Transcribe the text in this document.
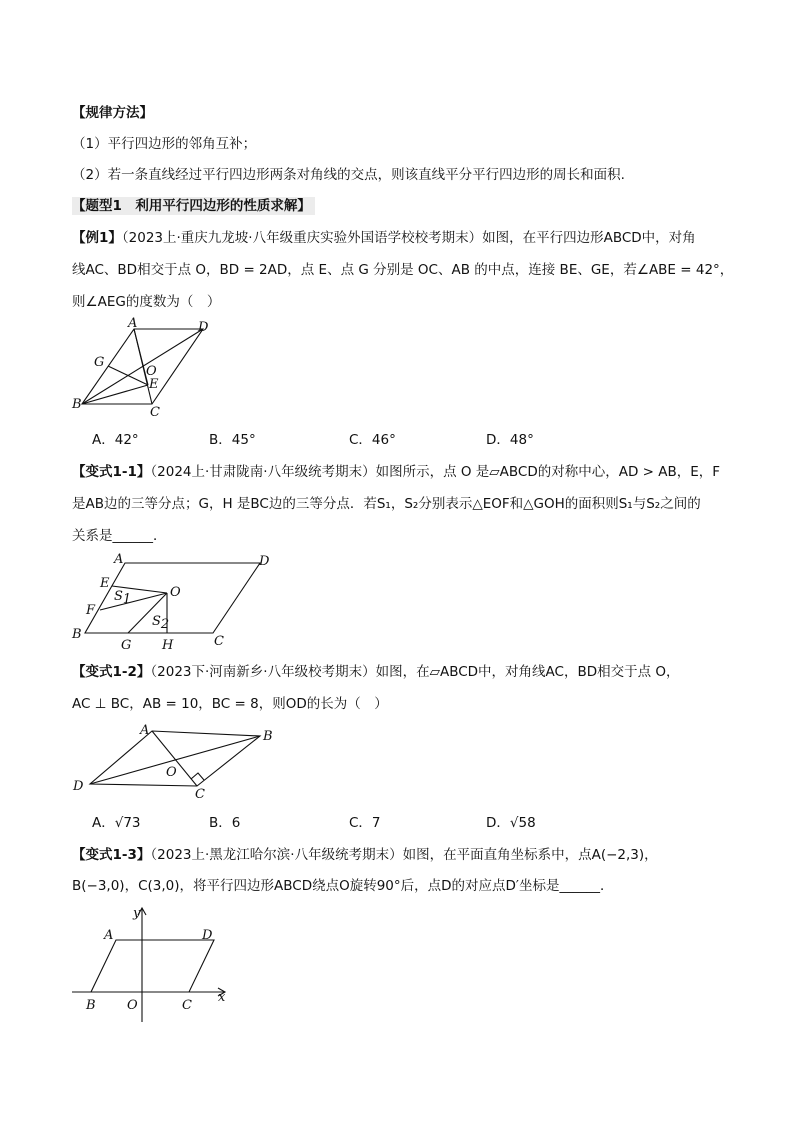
【规律方法】
（1）平行四边形的邻角互补；
（2）若一条直线经过平行四边形两条对角线的交点，则该直线平分平行四边形的周长和面积.
【题型1　利用平行四边形的性质求解】
【例1】（2023上·重庆九龙坡·八年级重庆实验外国语学校校考期末）如图，在平行四边形ABCD中，对角
线AC、BD相交于点 O，BD = 2AD，点 E、点 G 分别是 OC、AB 的中点，连接 BE、GE，若∠ABE = 42°，
则∠AEG的度数为（　）
A	D
G
O
E
B
C
A．42°	B．45°	C．46°	D．48°
【变式1-1】（2024上·甘肃陇南·八年级统考期末）如图所示，点 O 是▱ABCD的对称中心，AD > AB，E，F
是AB边的三等分点；G，H 是BC边的三等分点．若S₁，S₂分别表示△EOF和△GOH的面积则S₁与S₂之间的
关系是______．
A	D
E
O
S1
F
S2
B
G H	C
【变式1-2】（2023下·河南新乡·八年级校考期末）如图，在▱ABCD中，对角线AC，BD相交于点 O，
AC ⊥ BC，AB = 10，BC = 8，则OD的长为（　）
A	B
O
D
C
A．√73	B．6	C．7	D．√58
【变式1-3】（2023上·黑龙江哈尔滨·八年级统考期末）如图，在平面直角坐标系中，点A(−2,3)，
B(−3,0)，C(3,0)，将平行四边形ABCD绕点O旋转90°后，点D的对应点D′坐标是______．
y
x
A	D
B O	C
